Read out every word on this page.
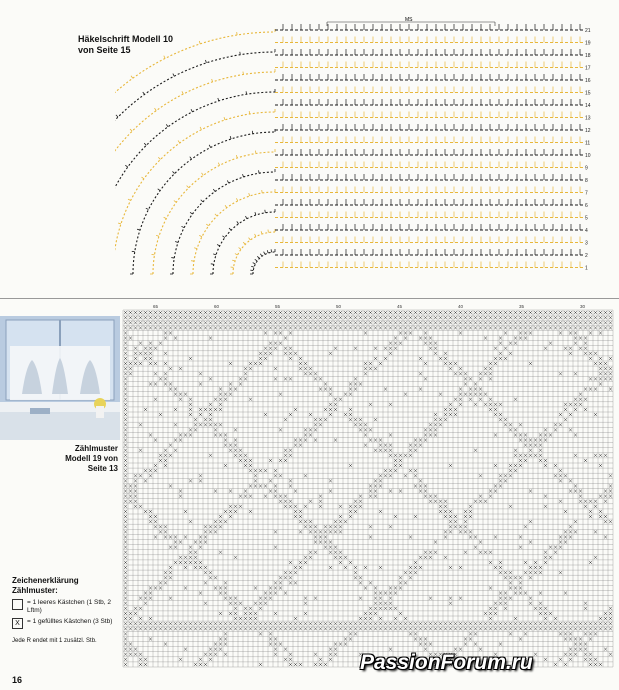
Häkelschrift Modell 10
von Seite 15
MS
21
19
18
17
16
15
14
13
12
11
10
9
8
7
6
5
4
3
2
1
Zählmuster
Modell 19 von
Seite 13
Zeichenerklärung
Zählmuster:
= 1 leeres Kästchen (1 Stb, 2 Lftm)
X	= 1 gefülltes Kästchen (3 Stb)
Jede R endet mit 1 zusätzl. Stb.
16
65	60	55	50	45	40	35	30
PassionForum.ru
